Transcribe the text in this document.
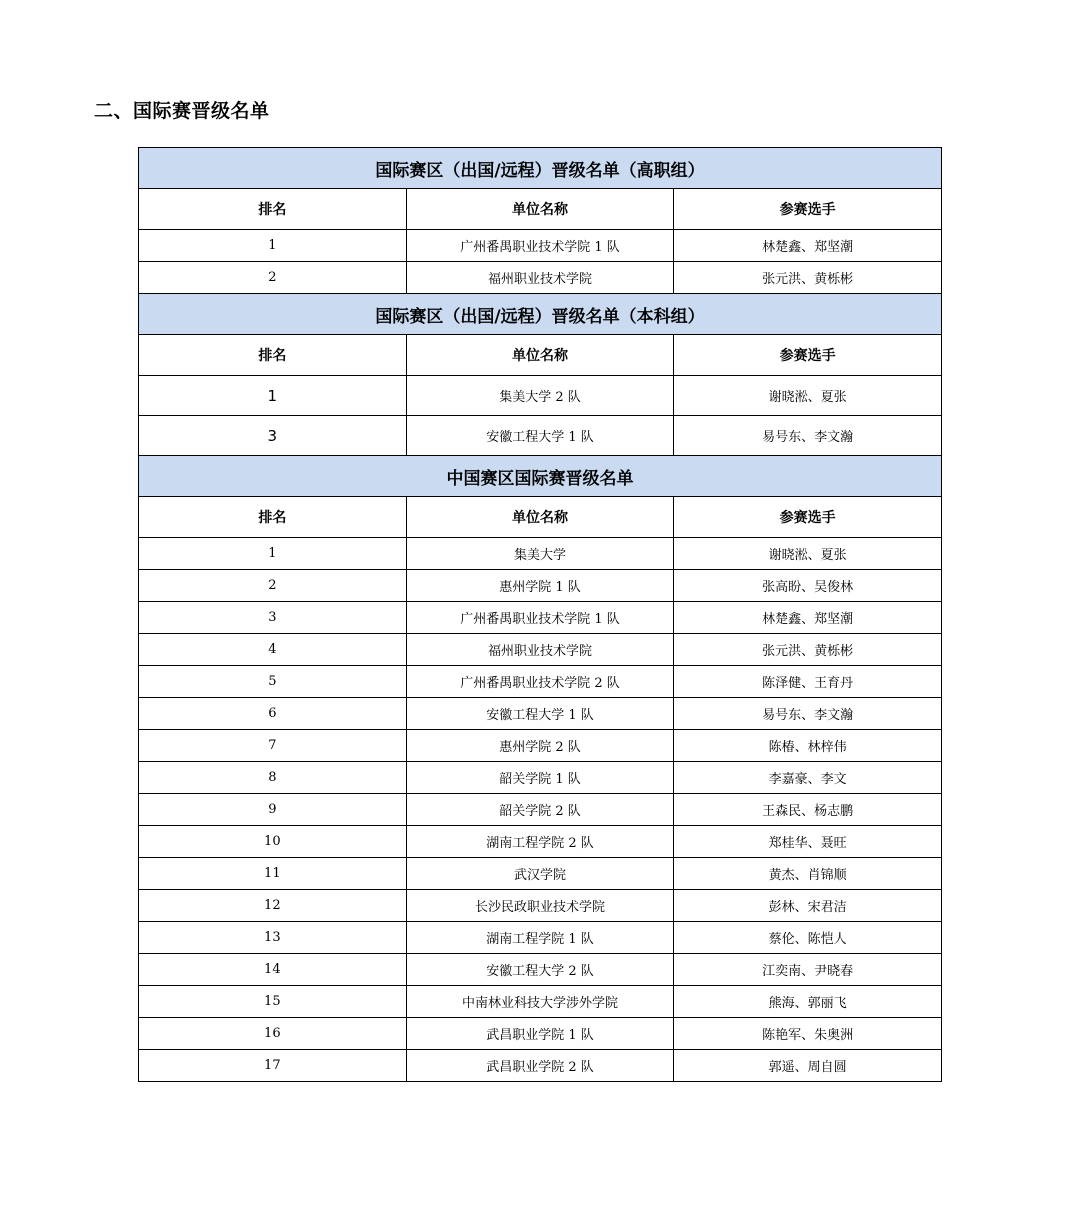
二、国际赛晋级名单
国际赛区（出国/远程）晋级名单（高职组）		
排名	单位名称	参赛选手
1	广州番禺职业技术学院 1 队	林楚鑫、郑坚潮
2	福州职业技术学院	张元洪、黄栎彬
国际赛区（出国/远程）晋级名单（本科组）		
排名	单位名称	参赛选手
1	集美大学 2 队	谢晓淞、夏张
3	安徽工程大学 1 队	易号东、李文瀚
中国赛区国际赛晋级名单		
排名	单位名称	参赛选手
1	集美大学	谢晓淞、夏张
2	惠州学院 1 队	张高盼、吴俊林
3	广州番禺职业技术学院 1 队	林楚鑫、郑坚潮
4	福州职业技术学院	张元洪、黄栎彬
5	广州番禺职业技术学院 2 队	陈泽健、王育丹
6	安徽工程大学 1 队	易号东、李文瀚
7	惠州学院 2 队	陈椿、林梓伟
8	韶关学院 1 队	李嘉豪、李文
9	韶关学院 2 队	王森民、杨志鹏
10	湖南工程学院 2 队	郑桂华、聂旺
11	武汉学院	黄杰、肖锦顺
12	长沙民政职业技术学院	彭林、宋君洁
13	湖南工程学院 1 队	蔡伦、陈恺人
14	安徽工程大学 2 队	江奕南、尹晓春
15	中南林业科技大学涉外学院	熊海、郭丽飞
16	武昌职业学院 1 队	陈艳军、朱奥洲
17	武昌职业学院 2 队	郭遥、周自圆
